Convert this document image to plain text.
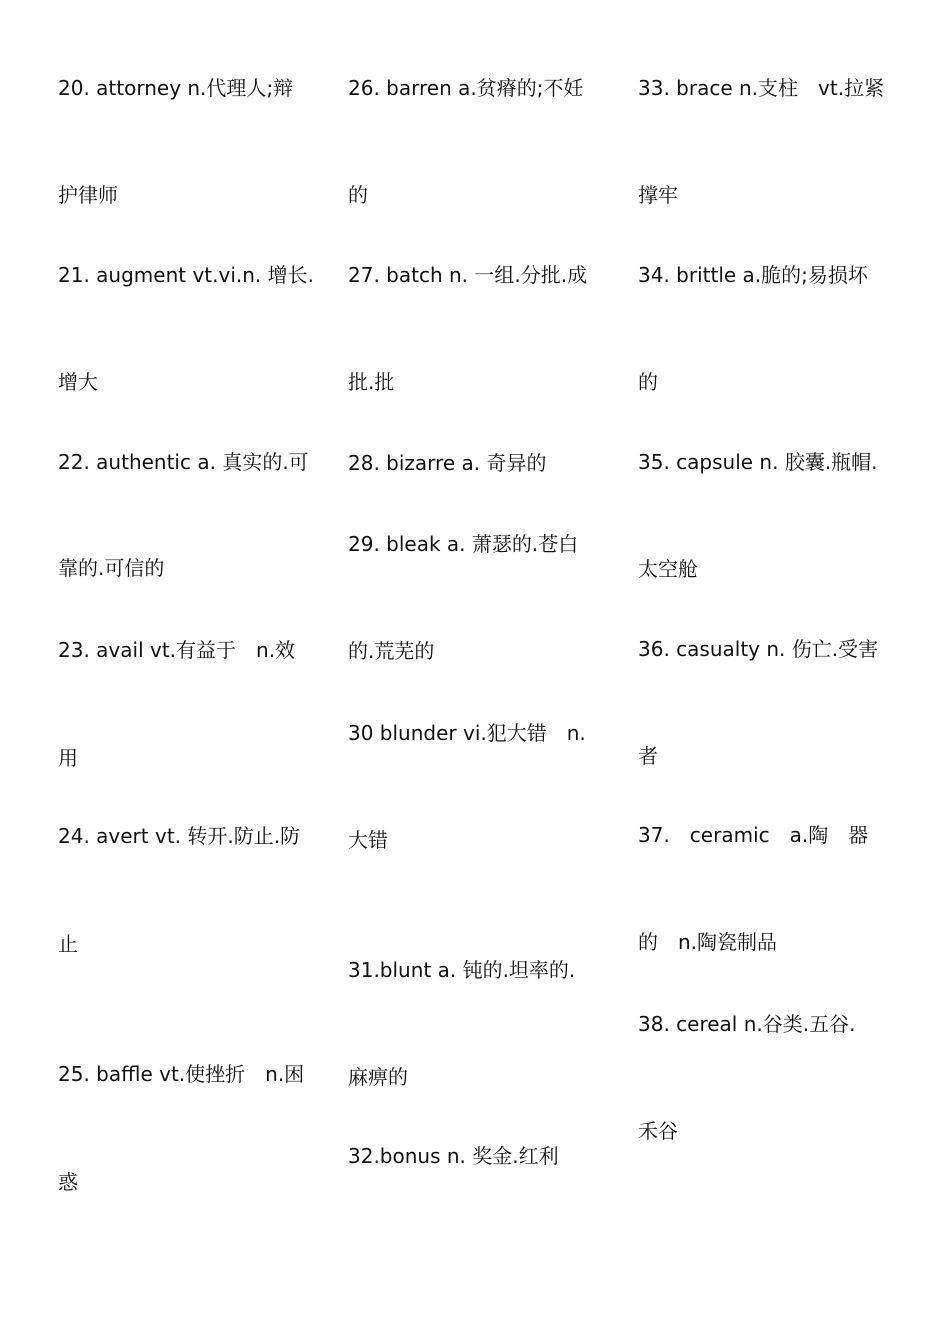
20. attorney n.代理人;辩
护律师
21. augment vt.vi.n. 增长.
增大
22. authentic a. 真实的.可
靠的.可信的
23. avail vt.有益于　n.效
用
24. avert vt. 转开.防止.防
止
25. baffle vt.使挫折　n.困
惑
26. barren a.贫瘠的;不妊
的
27. batch n. 一组.分批.成
批.批
28. bizarre a. 奇异的
29. bleak a. 萧瑟的.苍白
的.荒芜的
30 blunder vi.犯大错　n.
大错
31.blunt a. 钝的.坦率的.
麻痹的
32.bonus n. 奖金.红利
33. brace n.支柱　vt.拉紧
撑牢
34. brittle a.脆的;易损坏
的
35. capsule n. 胶囊.瓶帽.
太空舱
36. casualty n. 伤亡.受害
者
37.　ceramic　a.陶　器
的　n.陶瓷制品
38. cereal n.谷类.五谷.
禾谷
